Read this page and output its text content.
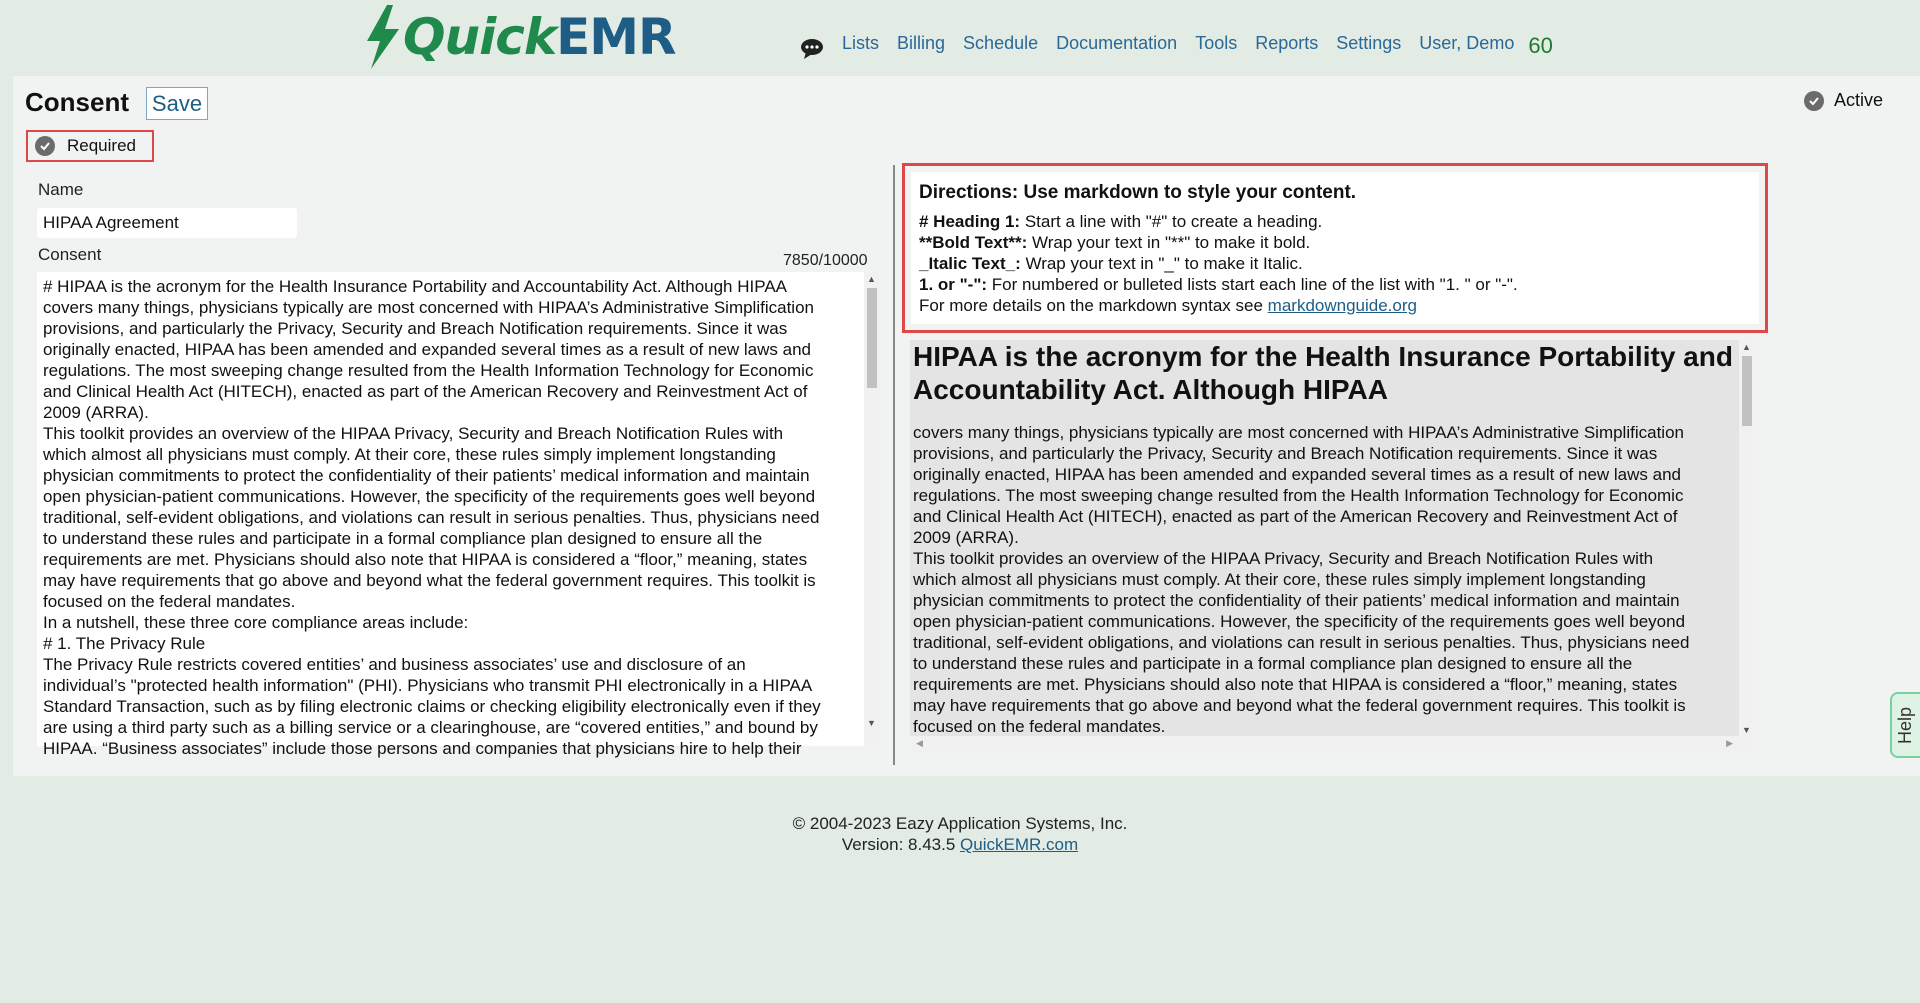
QuickEMR	Lists Billing Schedule Documentation Tools Reports Settings User, Demo 60
Consent Save	Active
Required
Name
HIPAA Agreement
Consent	7850/10000
# HIPAA is the acronym for the Health Insurance Portability and Accountability Act. Although HIPAA
covers many things, physicians typically are most concerned with HIPAA’s Administrative Simplification
provisions, and particularly the Privacy, Security and Breach Notification requirements. Since it was
originally enacted, HIPAA has been amended and expanded several times as a result of new laws and
regulations. The most sweeping change resulted from the Health Information Technology for Economic
and Clinical Health Act (HITECH), enacted as part of the American Recovery and Reinvestment Act of
2009 (ARRA).
This toolkit provides an overview of the HIPAA Privacy, Security and Breach Notification Rules with
which almost all physicians must comply. At their core, these rules simply implement longstanding
physician commitments to protect the confidentiality of their patients’ medical information and maintain
open physician-patient communications. However, the specificity of the requirements goes well beyond
traditional, self-evident obligations, and violations can result in serious penalties. Thus, physicians need
to understand these rules and participate in a formal compliance plan designed to ensure all the
requirements are met. Physicians should also note that HIPAA is considered a “floor,” meaning, states
may have requirements that go above and beyond what the federal government requires. This toolkit is
focused on the federal mandates.
In a nutshell, these three core compliance areas include:
# 1. The Privacy Rule
The Privacy Rule restricts covered entities’ and business associates’ use and disclosure of an
individual’s "protected health information" (PHI). Physicians who transmit PHI electronically in a HIPAA
Standard Transaction, such as by filing electronic claims or checking eligibility electronically even if they
are using a third party such as a billing service or a clearinghouse, are “covered entities,” and bound by
HIPAA. “Business associates” include those persons and companies that physicians hire to help their
▲
▼
Directions: Use markdown to style your content.
# Heading 1: Start a line with "#" to create a heading.
**Bold Text**: Wrap your text in "**" to make it bold.
_Italic Text_: Wrap your text in "_" to make it Italic.
1. or "-": For numbered or bulleted lists start each line of the list with "1. " or "-".
For more details on the markdown syntax see markdownguide.org
HIPAA is the acronym for the Health Insurance Portability and Accountability Act. Although HIPAA

covers many things, physicians typically are most concerned with HIPAA’s Administrative Simplification
provisions, and particularly the Privacy, Security and Breach Notification requirements. Since it was
originally enacted, HIPAA has been amended and expanded several times as a result of new laws and
regulations. The most sweeping change resulted from the Health Information Technology for Economic
and Clinical Health Act (HITECH), enacted as part of the American Recovery and Reinvestment Act of
2009 (ARRA).
This toolkit provides an overview of the HIPAA Privacy, Security and Breach Notification Rules with
which almost all physicians must comply. At their core, these rules simply implement longstanding
physician commitments to protect the confidentiality of their patients’ medical information and maintain
open physician-patient communications. However, the specificity of the requirements goes well beyond
traditional, self-evident obligations, and violations can result in serious penalties. Thus, physicians need
to understand these rules and participate in a formal compliance plan designed to ensure all the
requirements are met. Physicians should also note that HIPAA is considered a “floor,” meaning, states
may have requirements that go above and beyond what the federal government requires. This toolkit is
focused on the federal mandates.

▲
▼
◀	▶	Help
© 2004-2023 Eazy Application Systems, Inc.
Version: 8.43.5 QuickEMR.com
